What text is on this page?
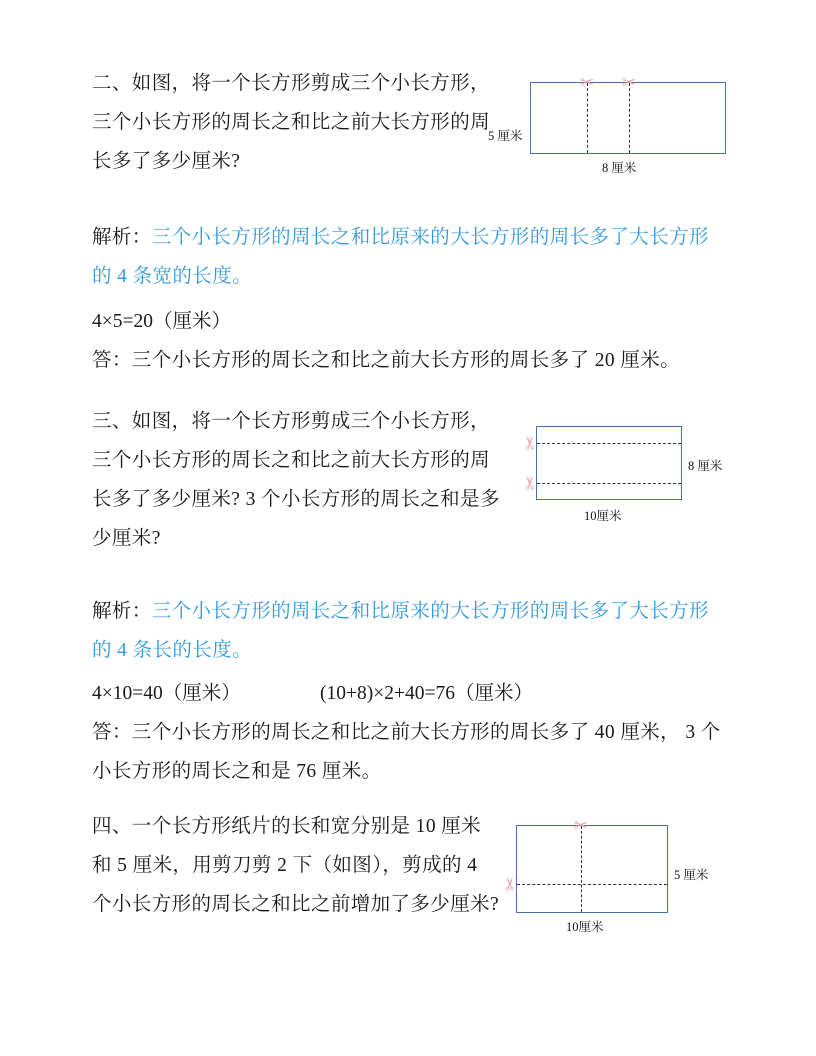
二、如图，将一个长方形剪成三个小长方形，三个小长方形的周长之和比之前大长方形的周长多了多少厘米?
✂ ✂
5 厘米
8 厘米
解析：三个小长方形的周长之和比原来的大长方形的周长多了大长方形的 4 条宽的长度。
4×5=20（厘米）
答：三个小长方形的周长之和比之前大长方形的周长多了 20 厘米。
三、如图，将一个长方形剪成三个小长方形，三个小长方形的周长之和比之前大长方形的周长多了多少厘米? 3 个小长方形的周长之和是多少厘米?
✂
✂
8 厘米
10厘米
解析：三个小长方形的周长之和比原来的大长方形的周长多了大长方形的 4 条长的长度。
4×10=40（厘米）	(10+8)×2+40=76（厘米）
答：三个小长方形的周长之和比之前大长方形的周长多了 40 厘米， 3 个小长方形的周长之和是 76 厘米。
四、一个长方形纸片的长和宽分别是 10 厘米和 5 厘米，用剪刀剪 2 下（如图），剪成的 4 个小长方形的周长之和比之前增加了多少厘米?
✂
✂
5 厘米
10厘米
